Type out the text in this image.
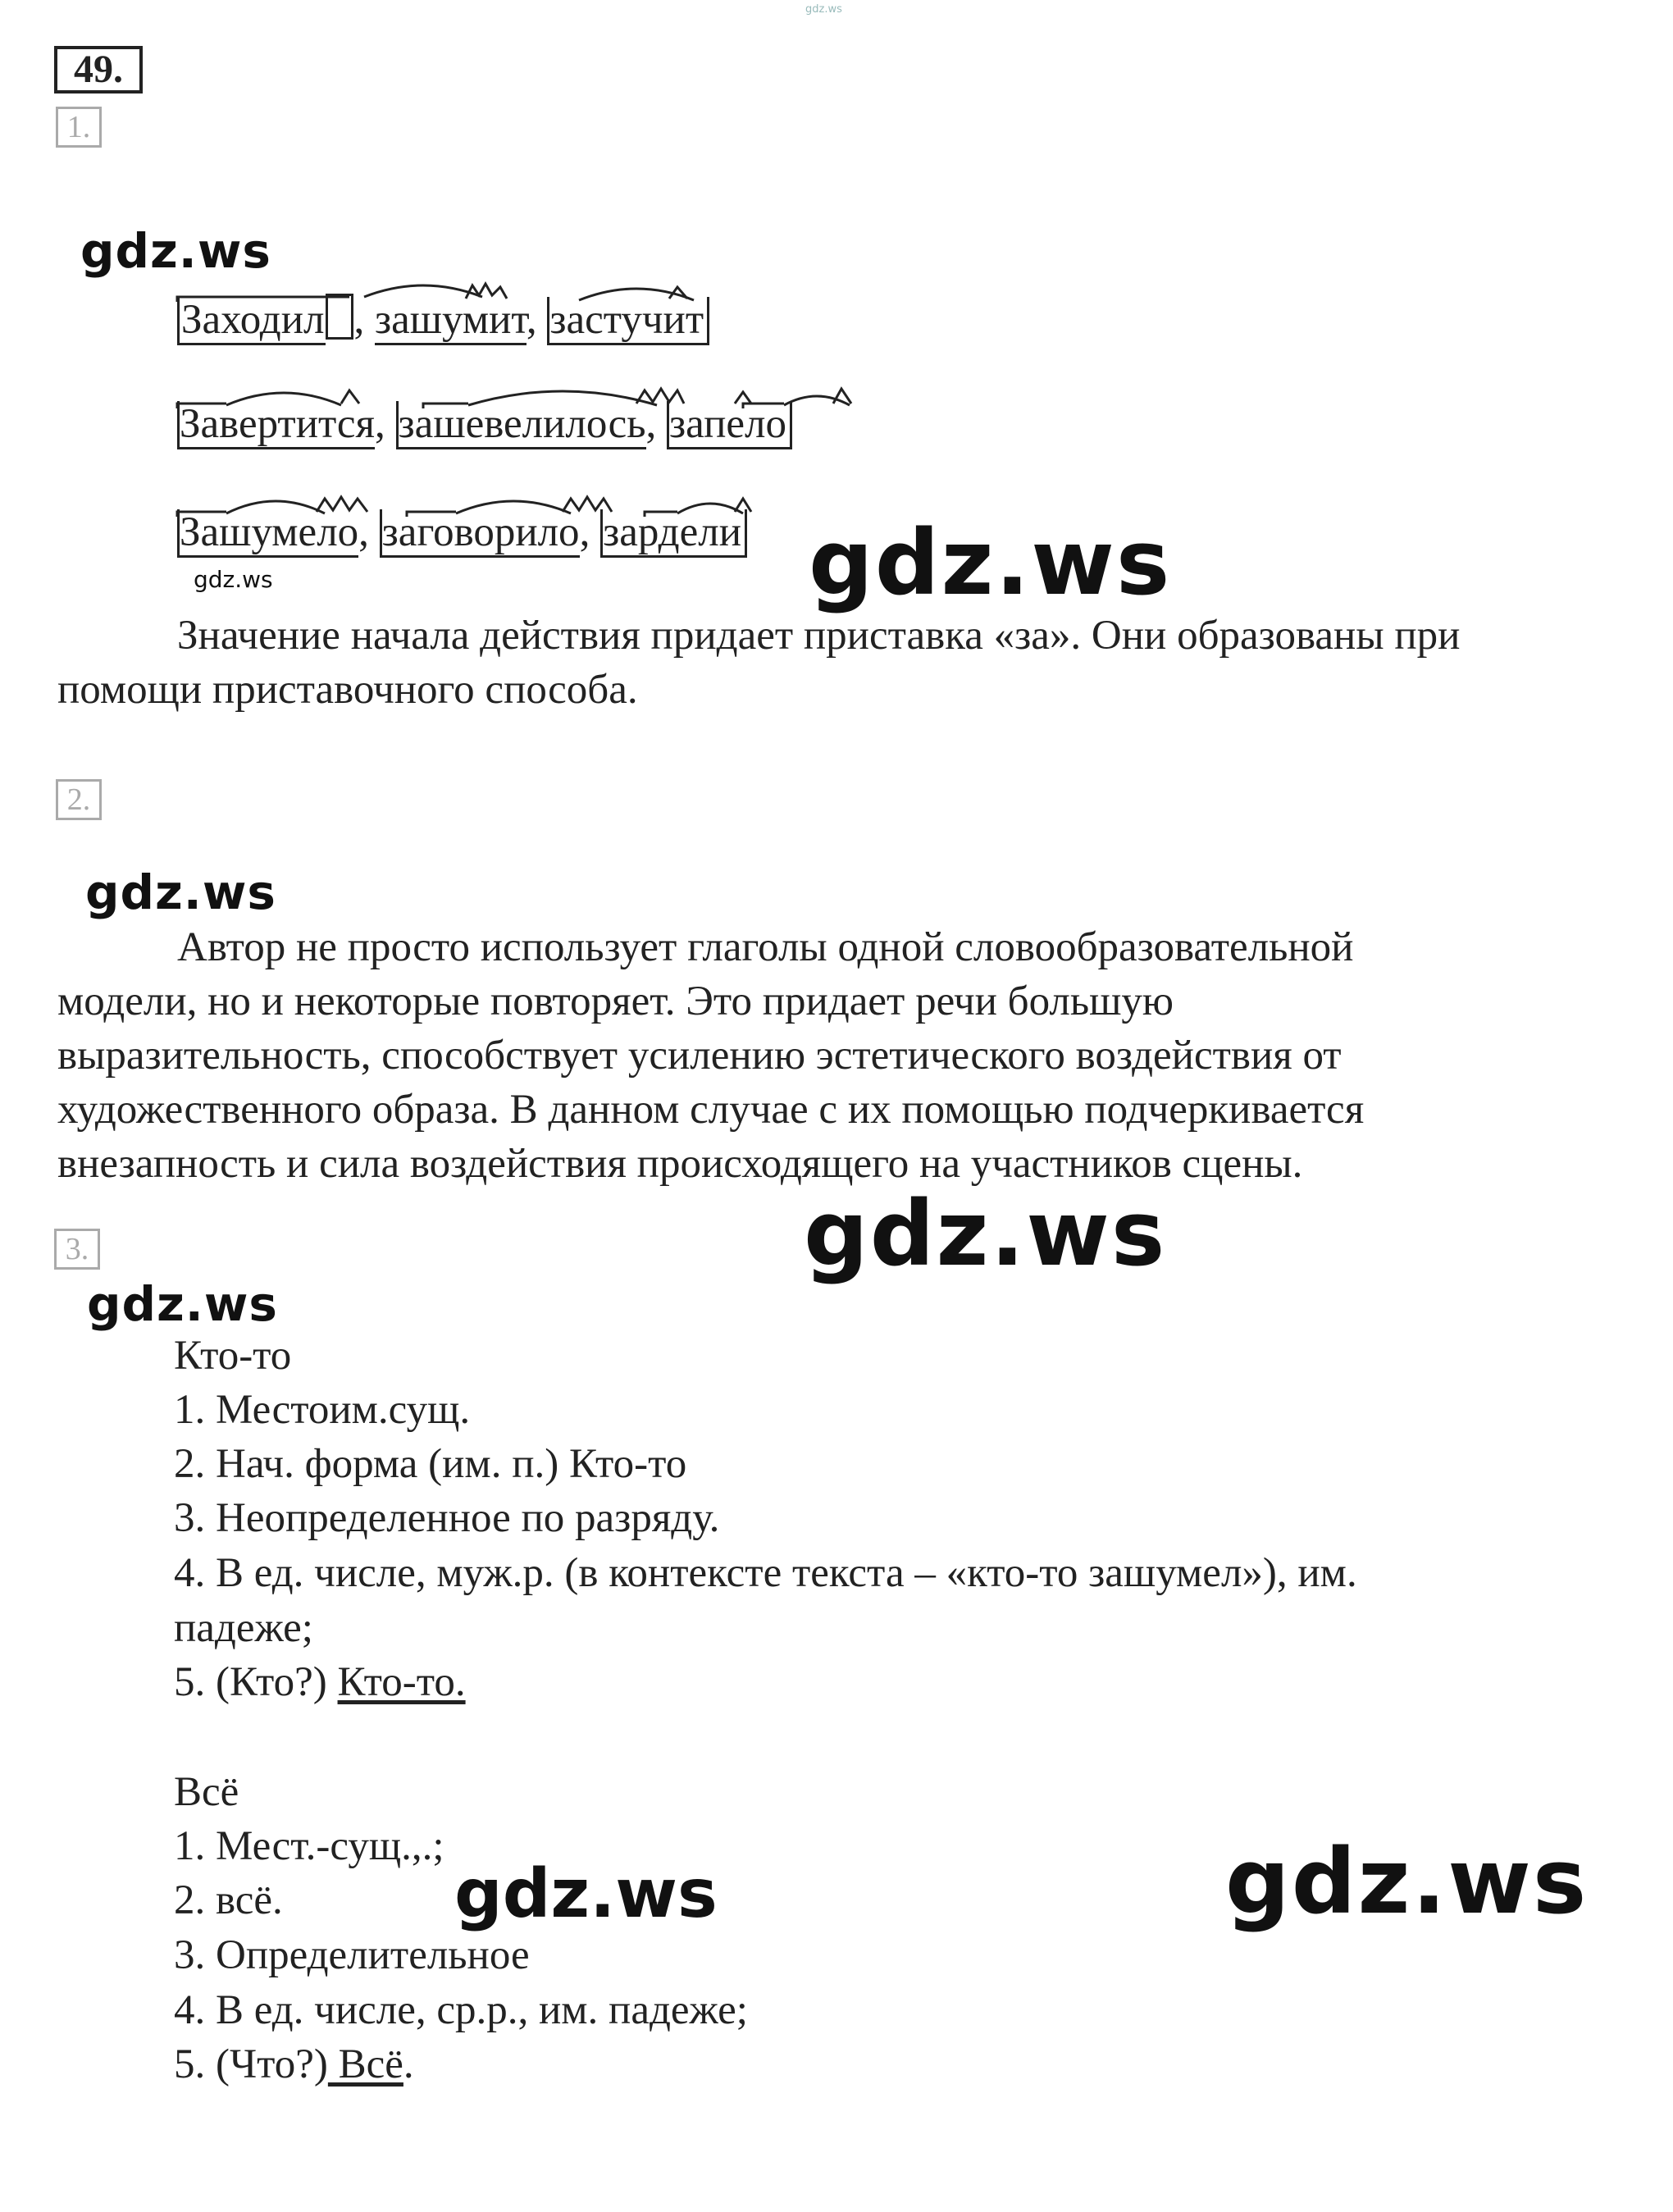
gdz.ws
49.
1.
gdz.ws
Заходил , зашумит, застучит
Завертится, зашевелилось, запело
Зашумело, заговорило, зардели
gdz.ws	gdz.ws
Значение начала действия придает приставка «за». Они образованы при
помощи приставочного способа.
2.
gdz.ws
Автор не просто использует глаголы одной словообразовательной
модели, но и некоторые повторяет. Это придает речи большую
выразительность, способствует усилению эстетического воздействия от
художественного образа. В данном случае с их помощью подчеркивается
внезапность и сила воздействия происходящего на участников сцены.
gdz.ws
3.
gdz.ws
Кто-то
1. Местоим.сущ.
2. Нач. форма (им. п.) Кто-то
3. Неопределенное по разряду.
4. В ед. числе, муж.р. (в контексте текста – «кто-то зашумел»), им.
падеже;
5. (Кто?) Кто-то.
Всё
1. Мест.-сущ.,.;
2. всё.
3. Определительное
4. В ед. числе, ср.р., им. падеже;
5. (Что?) Всё.
gdz.ws	gdz.ws
